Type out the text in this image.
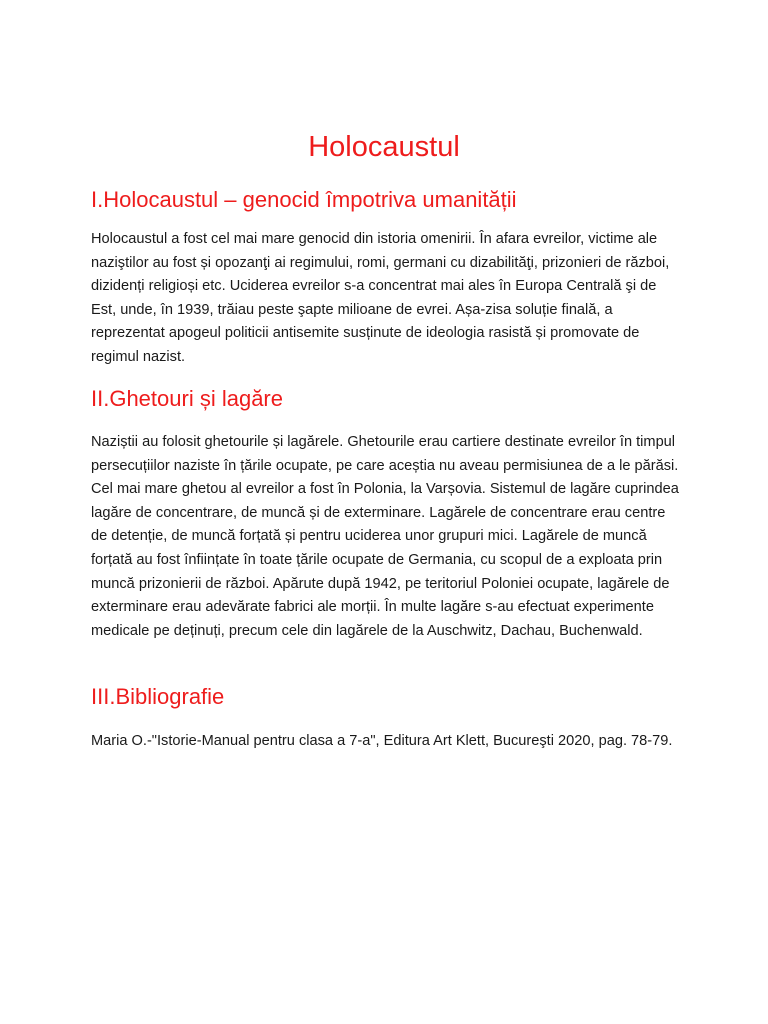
Holocaustul
I.Holocaustul – genocid împotriva umanității

Holocaustul a fost cel mai mare genocid din istoria omenirii. În afara evreilor, victime ale naziştilor au fost și opozanţi ai regimului, romi, germani cu dizabilităţi, prizonieri de război, dizidenți religioși etc. Uciderea evreilor s-a concentrat mai ales în Europa Centrală şi de Est, unde, în 1939, trăiau peste şapte milioane de evrei. Așa-zisa soluție finală, a reprezentat apogeul politicii antisemite susținute de ideologia rasistă și promovate de regimul nazist.

II.Ghetouri și lagăre

Naziștii au folosit ghetourile și lagărele. Ghetourile erau cartiere destinate evreilor în timpul persecuțiilor naziste în țările ocupate, pe care aceștia nu aveau permisiunea de a le părăsi. Cel mai mare ghetou al evreilor a fost în Polonia, la Varșovia. Sistemul de lagăre cuprindea lagăre de concentrare, de muncă și de exterminare. Lagărele de concentrare erau centre de detenție, de muncă forțată și pentru uciderea unor grupuri mici. Lagărele de muncă forțată au fost înființate în toate țările ocupate de Germania, cu scopul de a exploata prin muncă prizonierii de război. Apărute după 1942, pe teritoriul Poloniei ocupate, lagărele de exterminare erau adevărate fabrici ale morții. În multe lagăre s-au efectuat experimente medicale pe deținuți, precum cele din lagărele de la Auschwitz, Dachau, Buchenwald.

III.Bibliografie

Maria O.-"Istorie-Manual pentru clasa a 7-a", Editura Art Klett, Bucureşti 2020, pag. 78-79.
